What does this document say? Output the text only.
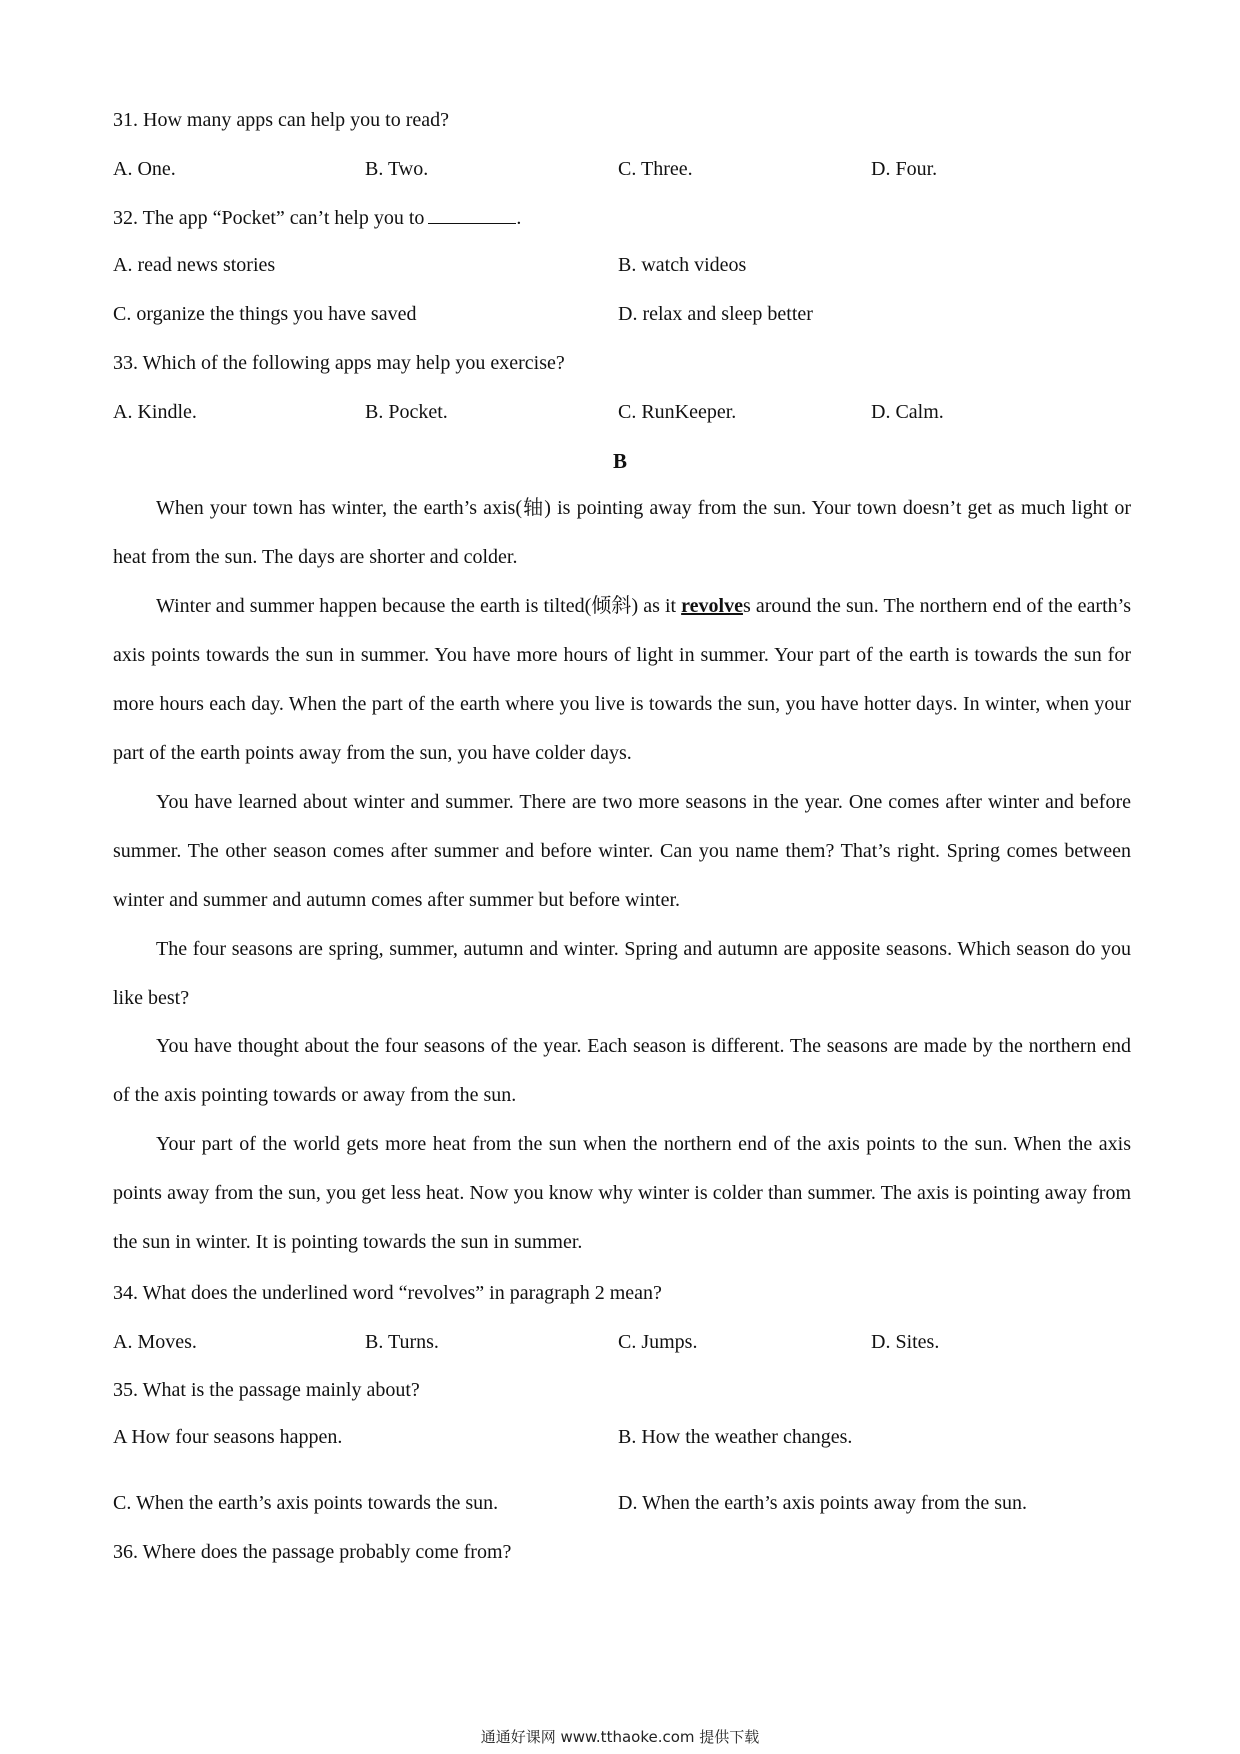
31. How many apps can help you to read?
A. One.	B. Two.	C. Three.	D. Four.
32. The app “Pocket” can’t help you to	.
A. read news stories	B. watch videos
C. organize the things you have saved	D. relax and sleep better
33. Which of the following apps may help you exercise?
A. Kindle.	B. Pocket.	C. RunKeeper.	D. Calm.
B
When your town has winter, the earth’s axis(轴) is pointing away from the sun. Your town doesn’t get as much light or heat from the sun. The days are shorter and colder.
Winter and summer happen because the earth is tilted(倾斜) as it revolves around the sun. The northern end of the earth’s axis points towards the sun in summer. You have more hours of light in summer. Your part of the earth is towards the sun for more hours each day. When the part of the earth where you live is towards the sun, you have hotter days. In winter, when your part of the earth points away from the sun, you have colder days.
You have learned about winter and summer. There are two more seasons in the year. One comes after winter and before summer. The other season comes after summer and before winter. Can you name them? That’s right. Spring comes between winter and summer and autumn comes after summer but before winter.
The four seasons are spring, summer, autumn and winter. Spring and autumn are apposite seasons. Which season do you like best?
You have thought about the four seasons of the year. Each season is different. The seasons are made by the northern end of the axis pointing towards or away from the sun.
Your part of the world gets more heat from the sun when the northern end of the axis points to the sun. When the axis points away from the sun, you get less heat. Now you know why winter is colder than summer. The axis is pointing away from the sun in winter. It is pointing towards the sun in summer.
34. What does the underlined word “revolves” in paragraph 2 mean?
A. Moves.	B. Turns.	C. Jumps.	D. Sites.
35. What is the passage mainly about?
A How four seasons happen.	B. How the weather changes.
C. When the earth’s axis points towards the sun.	D. When the earth’s axis points away from the sun.
36. Where does the passage probably come from?
通通好课网 www.tthaoke.com 提供下载
